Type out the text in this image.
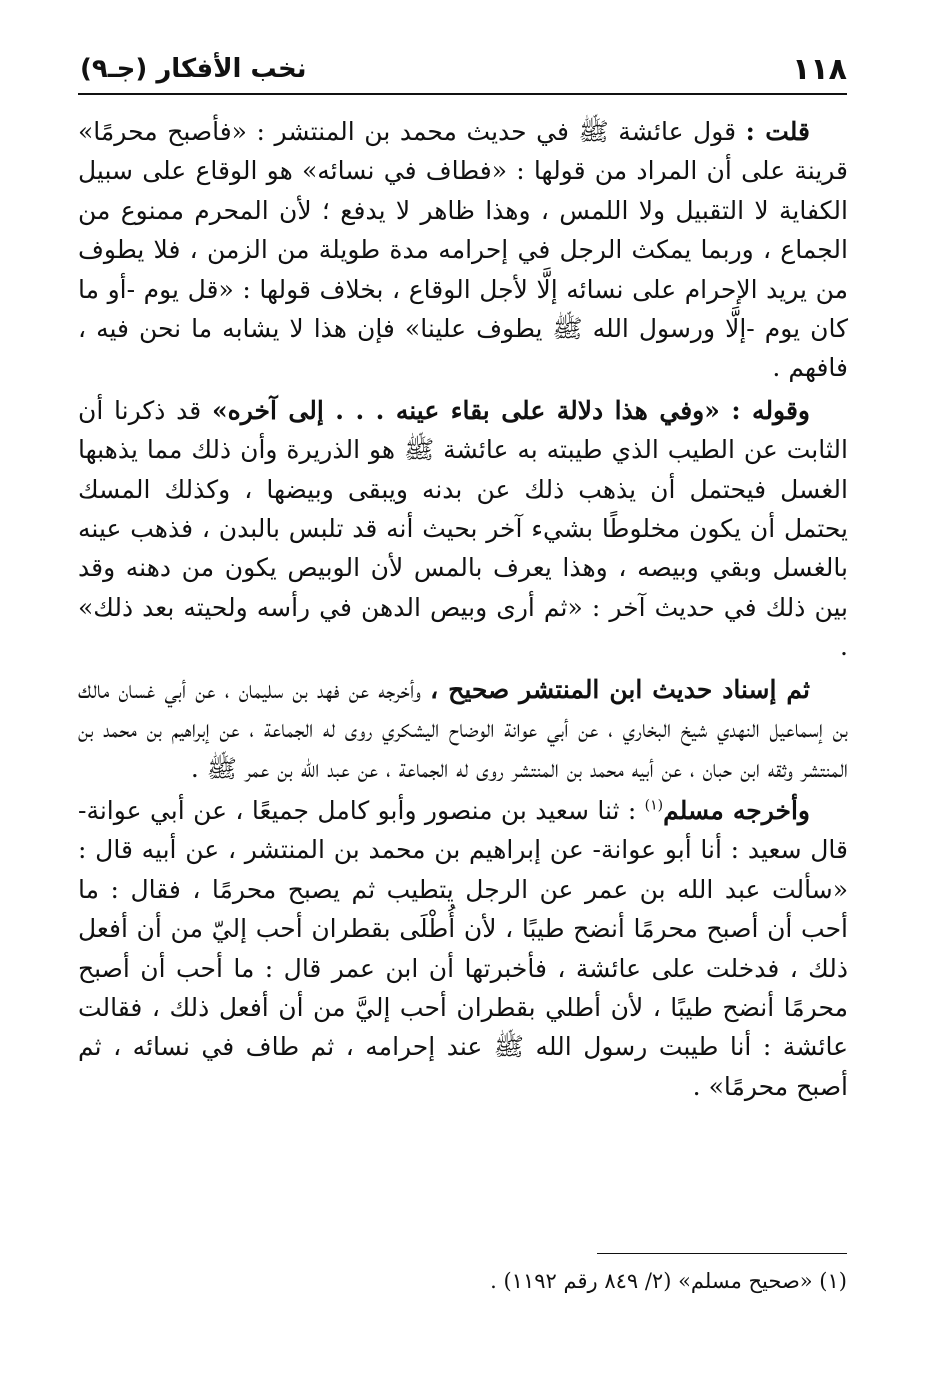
١١٨
نخب الأفكار (جـ٩)

قلت : قول عائشة ﷺ في حديث محمد بن المنتشر : «فأصبح محرمًا» قرينة على أن المراد من قولها : «فطاف في نسائه» هو الوقاع على سبيل الكفاية لا التقبيل ولا اللمس ، وهذا ظاهر لا يدفع ؛ لأن المحرم ممنوع من الجماع ، وربما يمكث الرجل في إحرامه مدة طويلة من الزمن ، فلا يطوف من يريد الإحرام على نسائه إلَّا لأجل الوقاع ، بخلاف قولها : «قل يوم -أو ما كان يوم -إلَّا ورسول الله ﷺ يطوف علينا» فإن هذا لا يشابه ما نحن فيه ، فافهم .

وقوله : «وفي هذا دلالة على بقاء عينه . . . إلى آخره» قد ذكرنا أن الثابت عن الطيب الذي طيبته به عائشة ﷺ هو الذريرة وأن ذلك مما يذهبها الغسل فيحتمل أن يذهب ذلك عن بدنه ويبقى وبيضها ، وكذلك المسك يحتمل أن يكون مخلوطًا بشيء آخر بحيث أنه قد تلبس بالبدن ، فذهب عينه بالغسل وبقي وبيصه ، وهذا يعرف بالمس لأن الوبيص يكون من دهنه وقد بين ذلك في حديث آخر : «ثم أرى وبيص الدهن في رأسه ولحيته بعد ذلك» .

ثم إسناد حديث ابن المنتشر صحيح ، وأخرجه عن فهد بن سليمان ، عن أبي غسان مالك بن إسماعيل النهدي شيخ البخاري ، عن أبي عوانة الوضاح اليشكري روى له الجماعة ، عن إبراهيم بن محمد بن المنتشر وثقه ابن حبان ، عن أبيه محمد بن المنتشر روى له الجماعة ، عن عبد الله بن عمر ﷺ .

وأخرجه مسلم$^{(١)}$ : ثنا سعيد بن منصور وأبو كامل جميعًا ، عن أبي عوانة- قال سعيد : أنا أبو عوانة- عن إبراهيم بن محمد بن المنتشر ، عن أبيه قال : «سألت عبد الله بن عمر عن الرجل يتطيب ثم يصبح محرمًا ، فقال : ما أحب أن أصبح محرمًا أنضح طيبًا ، لأن أُطْلَى بقطران أحب إليّ من أن أفعل ذلك ، فدخلت على عائشة ، فأخبرتها أن ابن عمر قال : ما أحب أن أصبح محرمًا أنضح طيبًا ، لأن أطلي بقطران أحب إليَّ من أن أفعل ذلك ، فقالت عائشة : أنا طيبت رسول الله ﷺ عند إحرامه ، ثم طاف في نسائه ، ثم أصبح محرمًا» .

(١) «صحيح مسلم» (٢/ ٨٤٩ رقم ١١٩٢) .
